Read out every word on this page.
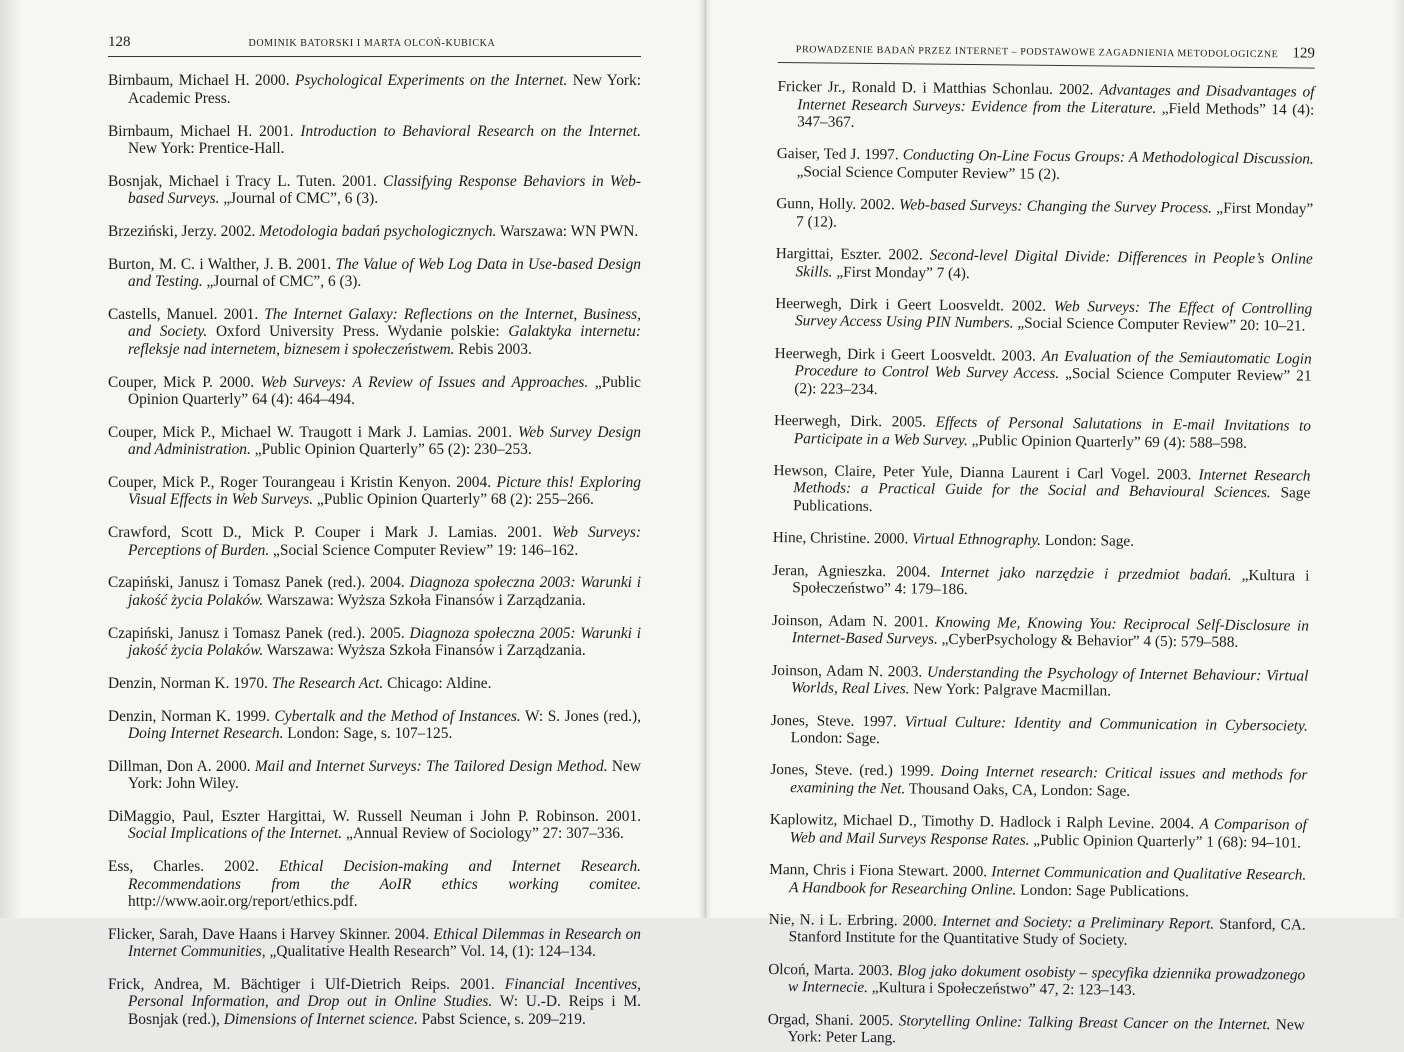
128	DOMINIK BATORSKI I MARTA OLCOŃ-KUBICKA

Birnbaum, Michael H. 2000. Psychological Experiments on the Internet. New York: Academic Press.

Birnbaum, Michael H. 2001. Introduction to Behavioral Research on the Internet. New York: Prentice-Hall.

Bosnjak, Michael i Tracy L. Tuten. 2001. Classifying Response Behaviors in Web-based Surveys. „Journal of CMC”, 6 (3).

Brzeziński, Jerzy. 2002. Metodologia badań psychologicznych. Warszawa: WN PWN.

Burton, M. C. i Walther, J. B. 2001. The Value of Web Log Data in Use-based Design and Testing. „Journal of CMC”, 6 (3).

Castells, Manuel. 2001. The Internet Galaxy: Reflections on the Internet, Business, and Society. Oxford University Press. Wydanie polskie: Galaktyka internetu: refleksje nad internetem, biznesem i społeczeństwem. Rebis 2003.

Couper, Mick P. 2000. Web Surveys: A Review of Issues and Approaches. „Public Opinion Quarterly” 64 (4): 464–494.

Couper, Mick P., Michael W. Traugott i Mark J. Lamias. 2001. Web Survey Design and Administration. „Public Opinion Quarterly” 65 (2): 230–253.

Couper, Mick P., Roger Tourangeau i Kristin Kenyon. 2004. Picture this! Exploring Visual Effects in Web Surveys. „Public Opinion Quarterly” 68 (2): 255–266.

Crawford, Scott D., Mick P. Couper i Mark J. Lamias. 2001. Web Surveys: Perceptions of Burden. „Social Science Computer Review” 19: 146–162.

Czapiński, Janusz i Tomasz Panek (red.). 2004. Diagnoza społeczna 2003: Warunki i jakość życia Polaków. Warszawa: Wyższa Szkoła Finansów i Zarządzania.

Czapiński, Janusz i Tomasz Panek (red.). 2005. Diagnoza społeczna 2005: Warunki i jakość życia Polaków. Warszawa: Wyższa Szkoła Finansów i Zarządzania.

Denzin, Norman K. 1970. The Research Act. Chicago: Aldine.

Denzin, Norman K. 1999. Cybertalk and the Method of Instances. W: S. Jones (red.), Doing Internet Research. London: Sage, s. 107–125.

Dillman, Don A. 2000. Mail and Internet Surveys: The Tailored Design Method. New York: John Wiley.

DiMaggio, Paul, Eszter Hargittai, W. Russell Neuman i John P. Robinson. 2001. Social Implications of the Internet. „Annual Review of Sociology” 27: 307–336.

Ess, Charles. 2002. Ethical Decision-making and Internet Research. Recommendations from the AoIR ethics working comitee. http://www.aoir.org/report/ethics.pdf.

Flicker, Sarah, Dave Haans i Harvey Skinner. 2004. Ethical Dilemmas in Research on Internet Communities, „Qualitative Health Research” Vol. 14, (1): 124–134.

Frick, Andrea, M. Bächtiger i Ulf-Dietrich Reips. 2001. Financial Incentives, Personal Information, and Drop out in Online Studies. W: U.-D. Reips i M. Bosnjak (red.), Dimensions of Internet science. Pabst Science, s. 209–219.

PROWADZENIE BADAŃ PRZEZ INTERNET – PODSTAWOWE ZAGADNIENIA METODOLOGICZNE 129

Fricker Jr., Ronald D. i Matthias Schonlau. 2002. Advantages and Disadvantages of Internet Research Surveys: Evidence from the Literature. „Field Methods” 14 (4): 347–367.

Gaiser, Ted J. 1997. Conducting On-Line Focus Groups: A Methodological Discussion. „Social Science Computer Review” 15 (2).

Gunn, Holly. 2002. Web-based Surveys: Changing the Survey Process. „First Monday” 7 (12).

Hargittai, Eszter. 2002. Second-level Digital Divide: Differences in People’s Online Skills. „First Monday” 7 (4).

Heerwegh, Dirk i Geert Loosveldt. 2002. Web Surveys: The Effect of Controlling Survey Access Using PIN Numbers. „Social Science Computer Review” 20: 10–21.

Heerwegh, Dirk i Geert Loosveldt. 2003. An Evaluation of the Semiautomatic Login Procedure to Control Web Survey Access. „Social Science Computer Review” 21 (2): 223–234.

Heerwegh, Dirk. 2005. Effects of Personal Salutations in E-mail Invitations to Participate in a Web Survey. „Public Opinion Quarterly” 69 (4): 588–598.

Hewson, Claire, Peter Yule, Dianna Laurent i Carl Vogel. 2003. Internet Research Methods: a Practical Guide for the Social and Behavioural Sciences. Sage Publications.

Hine, Christine. 2000. Virtual Ethnography. London: Sage.

Jeran, Agnieszka. 2004. Internet jako narzędzie i przedmiot badań. „Kultura i Społeczeństwo” 4: 179–186.

Joinson, Adam N. 2001. Knowing Me, Knowing You: Reciprocal Self-Disclosure in Internet-Based Surveys. „CyberPsychology & Behavior” 4 (5): 579–588.

Joinson, Adam N. 2003. Understanding the Psychology of Internet Behaviour: Virtual Worlds, Real Lives. New York: Palgrave Macmillan.

Jones, Steve. 1997. Virtual Culture: Identity and Communication in Cybersociety. London: Sage.

Jones, Steve. (red.) 1999. Doing Internet research: Critical issues and methods for examining the Net. Thousand Oaks, CA, London: Sage.

Kaplowitz, Michael D., Timothy D. Hadlock i Ralph Levine. 2004. A Comparison of Web and Mail Surveys Response Rates. „Public Opinion Quarterly” 1 (68): 94–101.

Mann, Chris i Fiona Stewart. 2000. Internet Communication and Qualitative Research. A Handbook for Researching Online. London: Sage Publications.

Nie, N. i L. Erbring. 2000. Internet and Society: a Preliminary Report. Stanford, CA. Stanford Institute for the Quantitative Study of Society.

Olcoń, Marta. 2003. Blog jako dokument osobisty – specyfika dziennika prowadzonego w Internecie. „Kultura i Społeczeństwo” 47, 2: 123–143.

Orgad, Shani. 2005. Storytelling Online: Talking Breast Cancer on the Internet. New York: Peter Lang.
